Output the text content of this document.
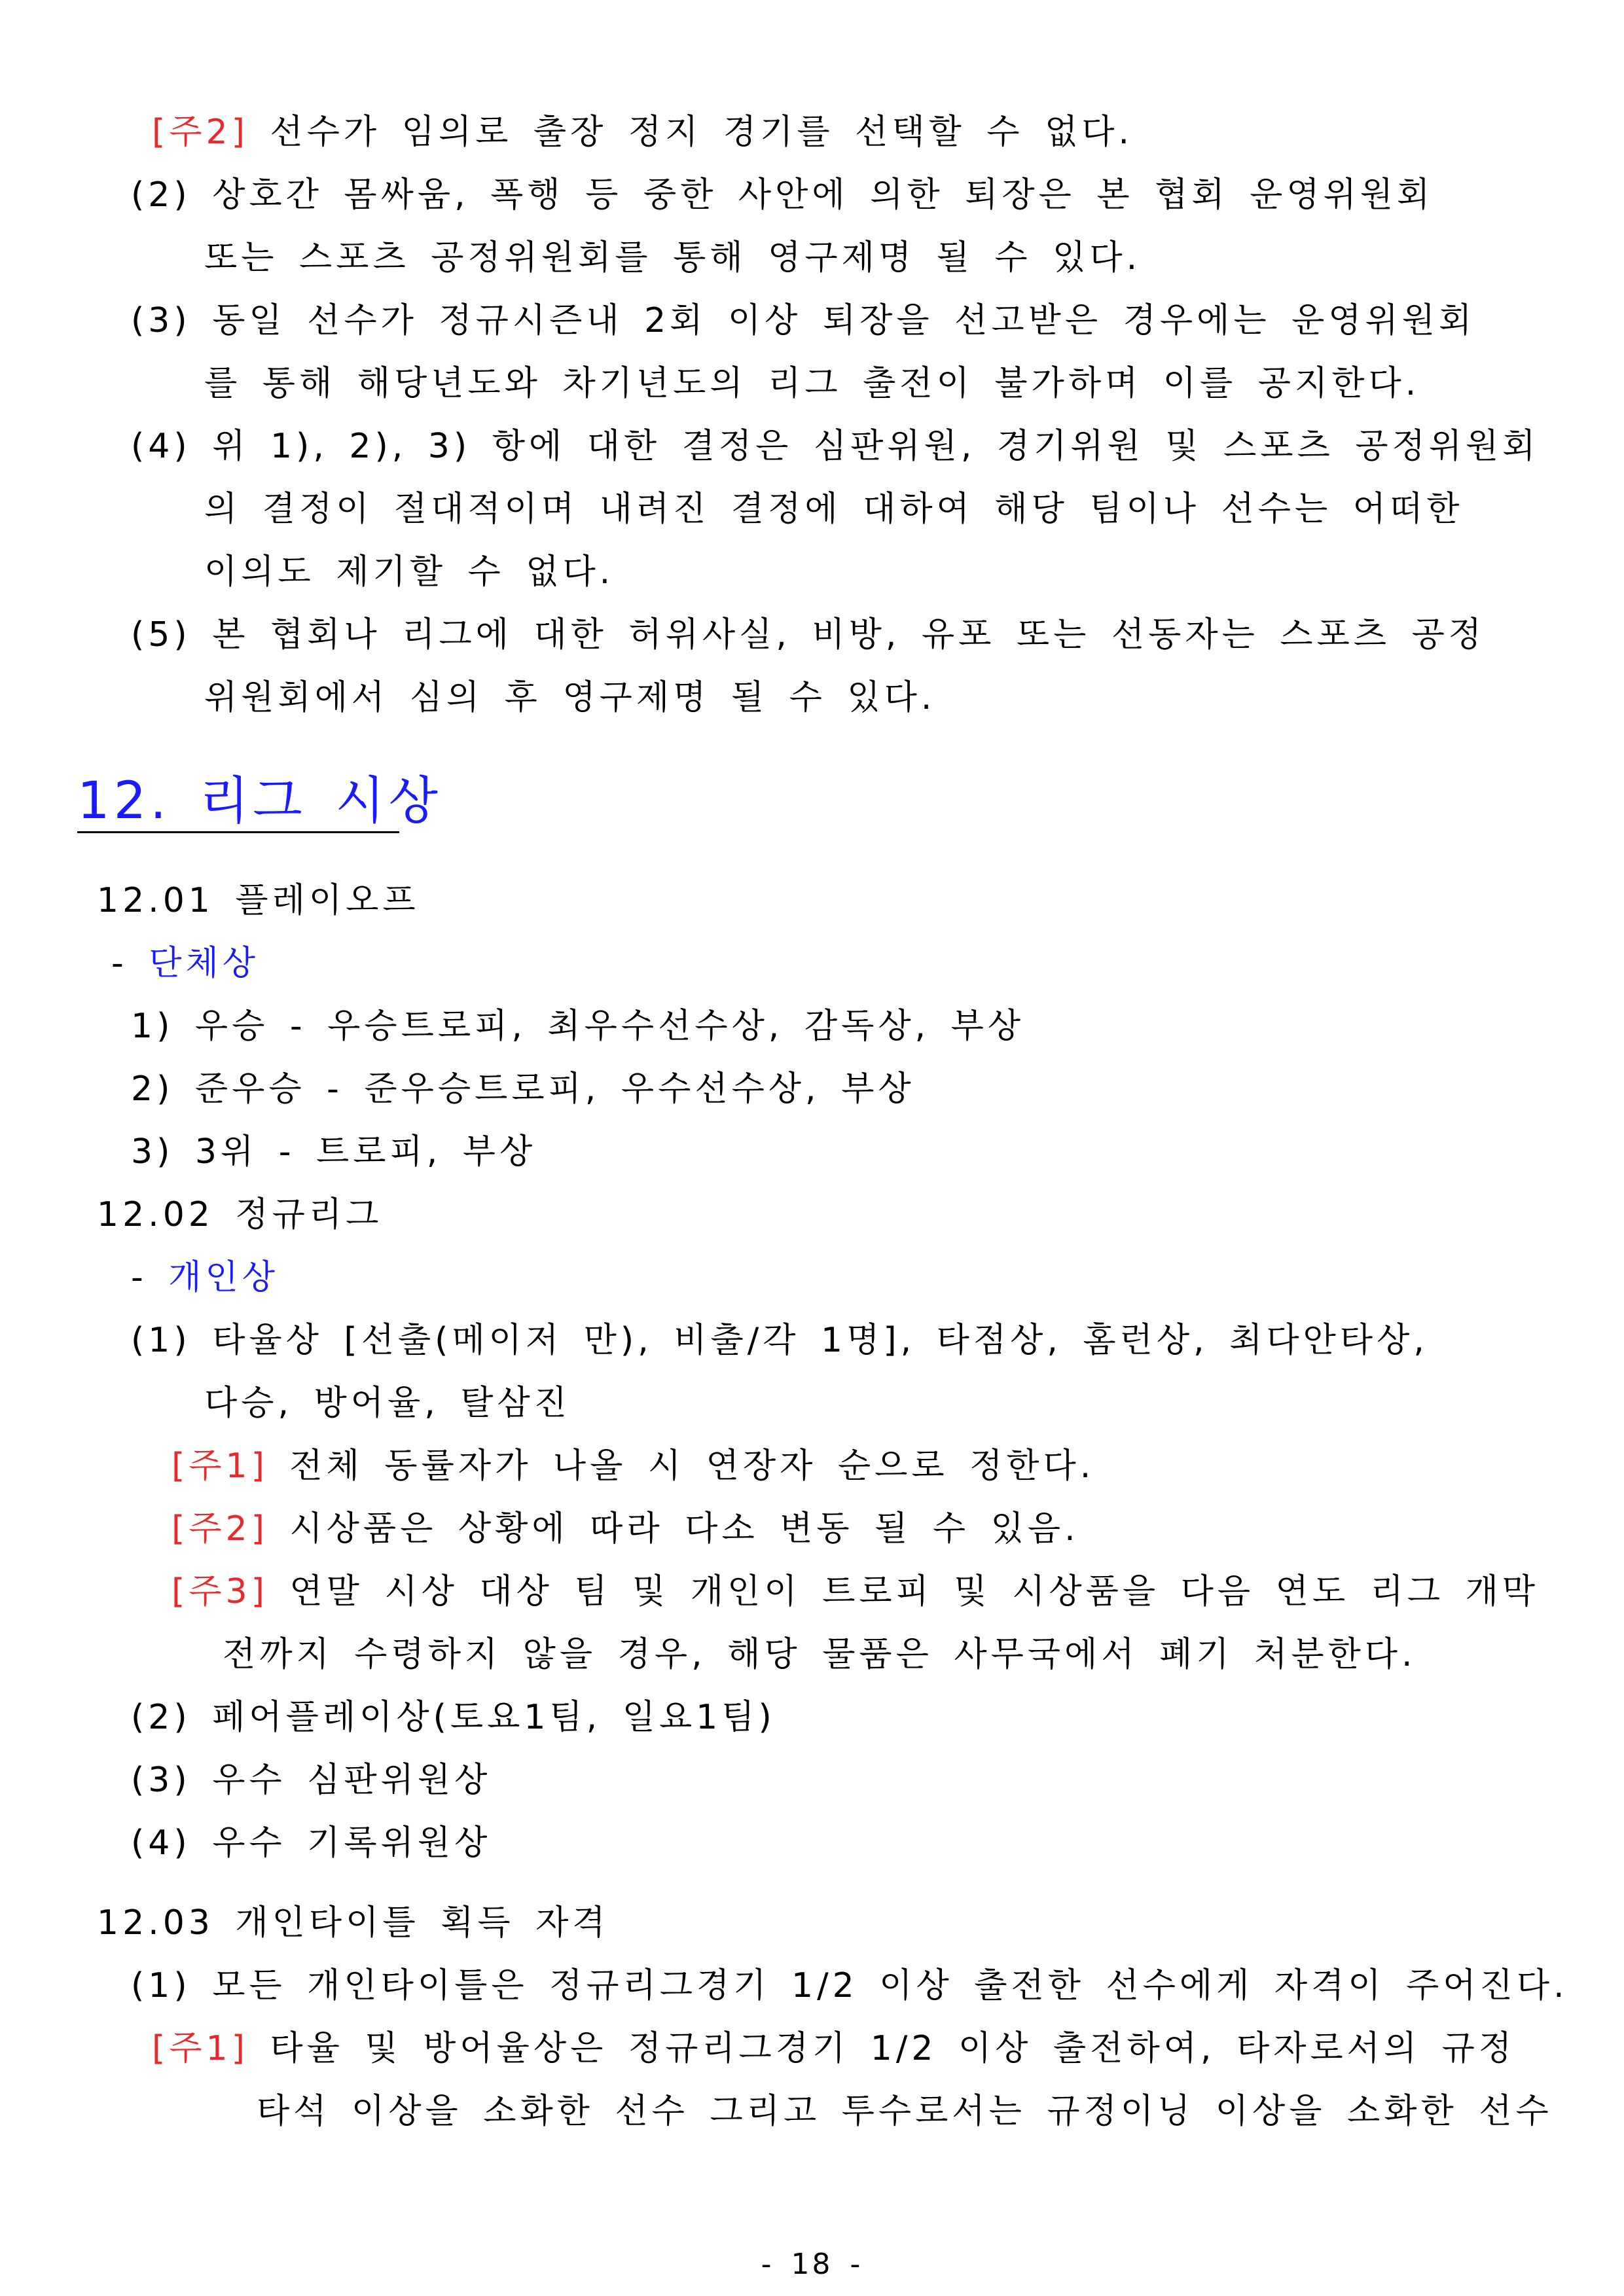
[주2] 선수가 임의로 출장 정지 경기를 선택할 수 없다.
(2) 상호간 몸싸움, 폭행 등 중한 사안에 의한 퇴장은 본 협회 운영위원회
또는 스포츠 공정위원회를 통해 영구제명 될 수 있다.
(3) 동일 선수가 정규시즌내 2회 이상 퇴장을 선고받은 경우에는 운영위원회
를 통해 해당년도와 차기년도의 리그 출전이 불가하며 이를 공지한다.
(4) 위 1), 2), 3) 항에 대한 결정은 심판위원, 경기위원 및 스포츠 공정위원회
의 결정이 절대적이며 내려진 결정에 대하여 해당 팀이나 선수는 어떠한
이의도 제기할 수 없다.
(5) 본 협회나 리그에 대한 허위사실, 비방, 유포 또는 선동자는 스포츠 공정
위원회에서 심의 후 영구제명 될 수 있다.
12. 리그 시상
12.01 플레이오프
- 단체상
1) 우승 - 우승트로피, 최우수선수상, 감독상, 부상
2) 준우승 - 준우승트로피, 우수선수상, 부상
3) 3위 - 트로피, 부상
12.02 정규리그
- 개인상
(1) 타율상 [선출(메이저 만), 비출/각 1명], 타점상, 홈런상, 최다안타상,
다승, 방어율, 탈삼진
[주1] 전체 동률자가 나올 시 연장자 순으로 정한다.
[주2] 시상품은 상황에 따라 다소 변동 될 수 있음.
[주3] 연말 시상 대상 팀 및 개인이 트로피 및 시상품을 다음 연도 리그 개막
전까지 수령하지 않을 경우, 해당 물품은 사무국에서 폐기 처분한다.
(2) 페어플레이상(토요1팀, 일요1팀)
(3) 우수 심판위원상
(4) 우수 기록위원상
12.03 개인타이틀 획득 자격
(1) 모든 개인타이틀은 정규리그경기 1/2 이상 출전한 선수에게 자격이 주어진다.
[주1] 타율 및 방어율상은 정규리그경기 1/2 이상 출전하여, 타자로서의 규정
타석 이상을 소화한 선수 그리고 투수로서는 규정이닝 이상을 소화한 선수
- 18 -
